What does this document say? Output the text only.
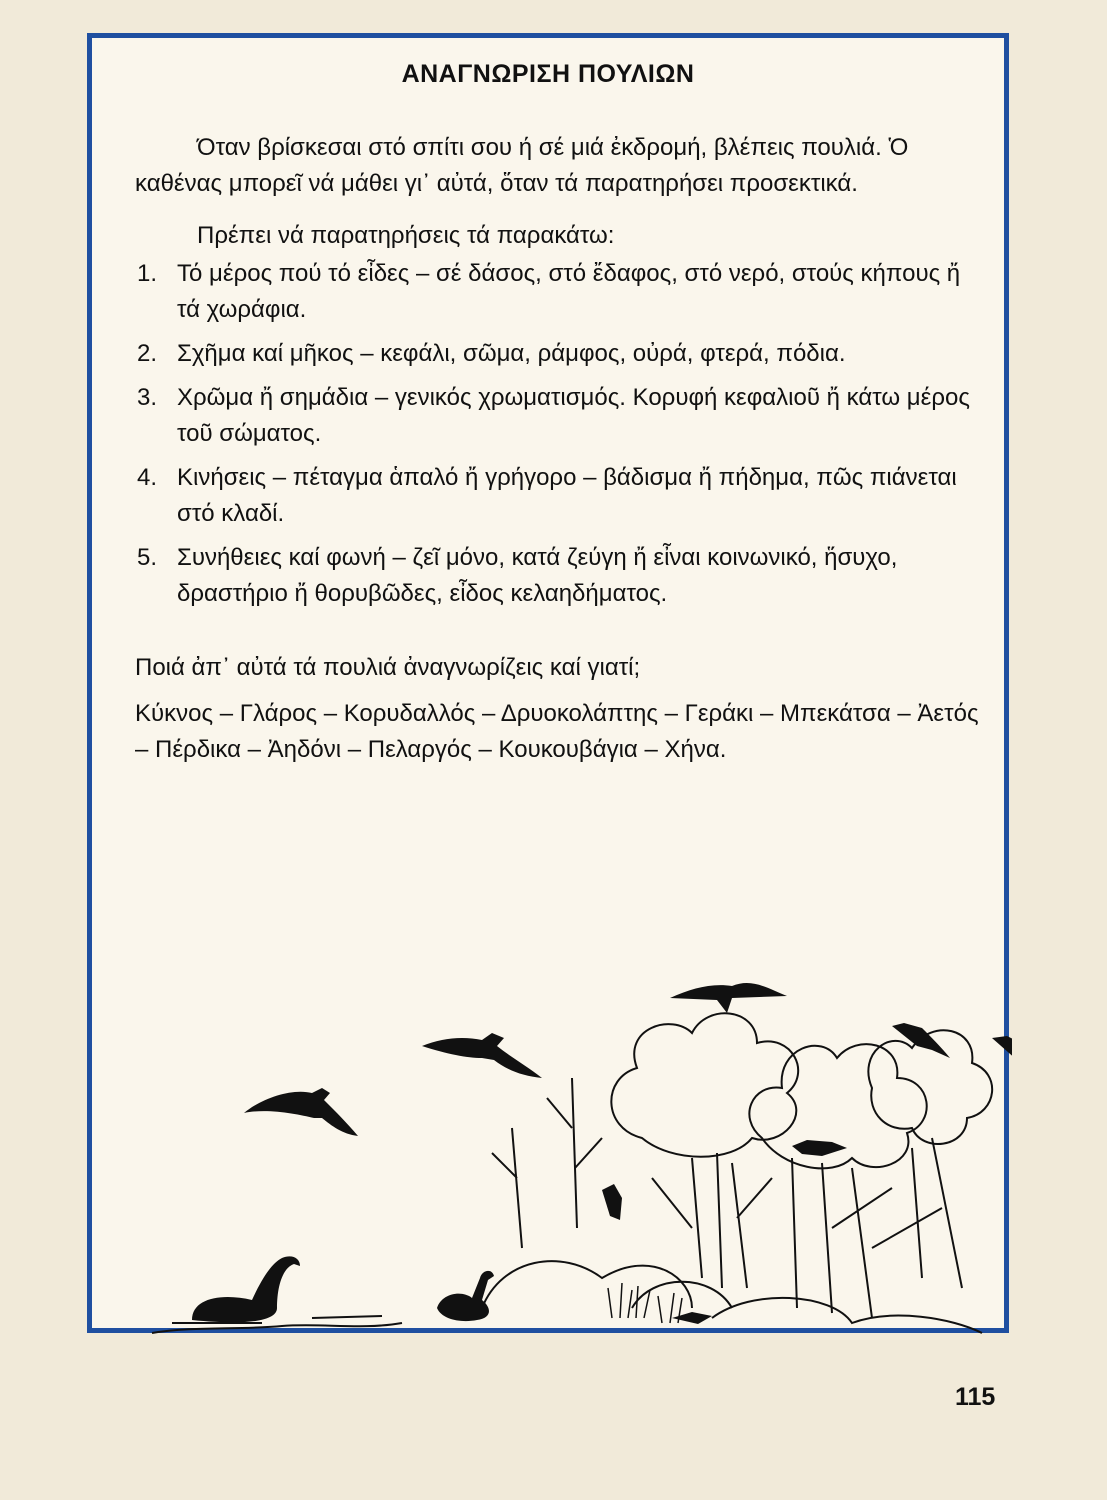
ΑΝΑΓΝΩΡΙΣΗ ΠΟΥΛΙΩΝ

Όταν βρίσκεσαι στό σπίτι σου ή σέ μιά ἐκδρομή, βλέπεις πουλιά. Ὁ καθένας μπορεῖ νά μάθει γι᾽ αὐτά, ὅταν τά παρατηρήσει προσεκτικά.

Πρέπει νά παρατηρήσεις τά παρακάτω:

1. Τό μέρος πού τό εἶδες – σέ δάσος, στό ἔδαφος, στό νερό, στούς κήπους ἤ τά χωράφια.
2. Σχῆμα καί μῆκος – κεφάλι, σῶμα, ράμφος, οὐρά, φτερά, πόδια.
3. Χρῶμα ἤ σημάδια – γενικός χρωματισμός. Κορυφή κεφαλιοῦ ἤ κάτω μέρος τοῦ σώματος.
4. Κινήσεις – πέταγμα ἁπαλό ἤ γρήγορο – βάδισμα ἤ πήδημα, πῶς πιάνεται στό κλαδί.
5. Συνήθειες καί φωνή – ζεῖ μόνο, κατά ζεύγη ἤ εἶναι κοινωνικό, ἥσυχο, δραστήριο ἤ θορυβῶδες, εἶδος κελαηδήματος.

Ποιά ἀπ᾽ αὐτά τά πουλιά ἀναγνωρίζεις καί γιατί;

Κύκνος – Γλάρος – Κορυδαλλός – Δρυοκολάπτης – Γεράκι – Μπεκάτσα – Ἀετός – Πέρδικα – Ἀηδόνι – Πελαργός – Κουκουβάγια – Χήνα.

115
